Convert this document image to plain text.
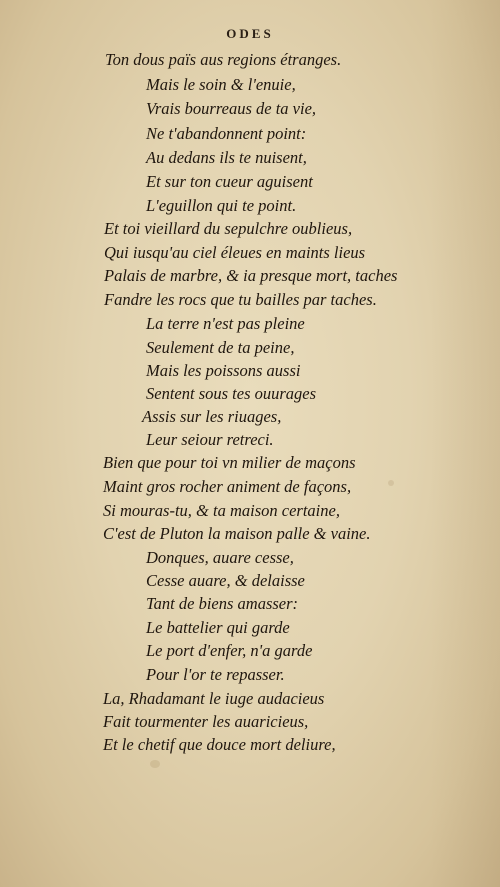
ODES
Ton dous païs aus regions étranges.
Mais le soin & l'enuie,
Vrais bourreaus de ta vie,
Ne t'abandonnent point:
Au dedans ils te nuisent,
Et sur ton cueur aguisent
L'eguillon qui te point.
Et toi vieillard du sepulchre oublieus,
Qui iusqu'au ciel éleues en maints lieus
Palais de marbre, & ia presque mort, taches
Fandre les rocs que tu bailles par taches.
La terre n'est pas pleine
Seulement de ta peine,
Mais les poissons aussi
Sentent sous tes ouurages
Assis sur les riuages,
Leur seiour retreci.
Bien que pour toi vn milier de maçons
Maint gros rocher animent de façons,
Si mouras-tu, & ta maison certaine,
C'est de Pluton la maison palle & vaine.
Donques, auare cesse,
Cesse auare, & delaisse
Tant de biens amasser:
Le battelier qui garde
Le port d'enfer, n'a garde
Pour l'or te repasser.
La, Rhadamant le iuge audacieus
Fait tourmenter les auaricieus,
Et le chetif que douce mort deliure,
